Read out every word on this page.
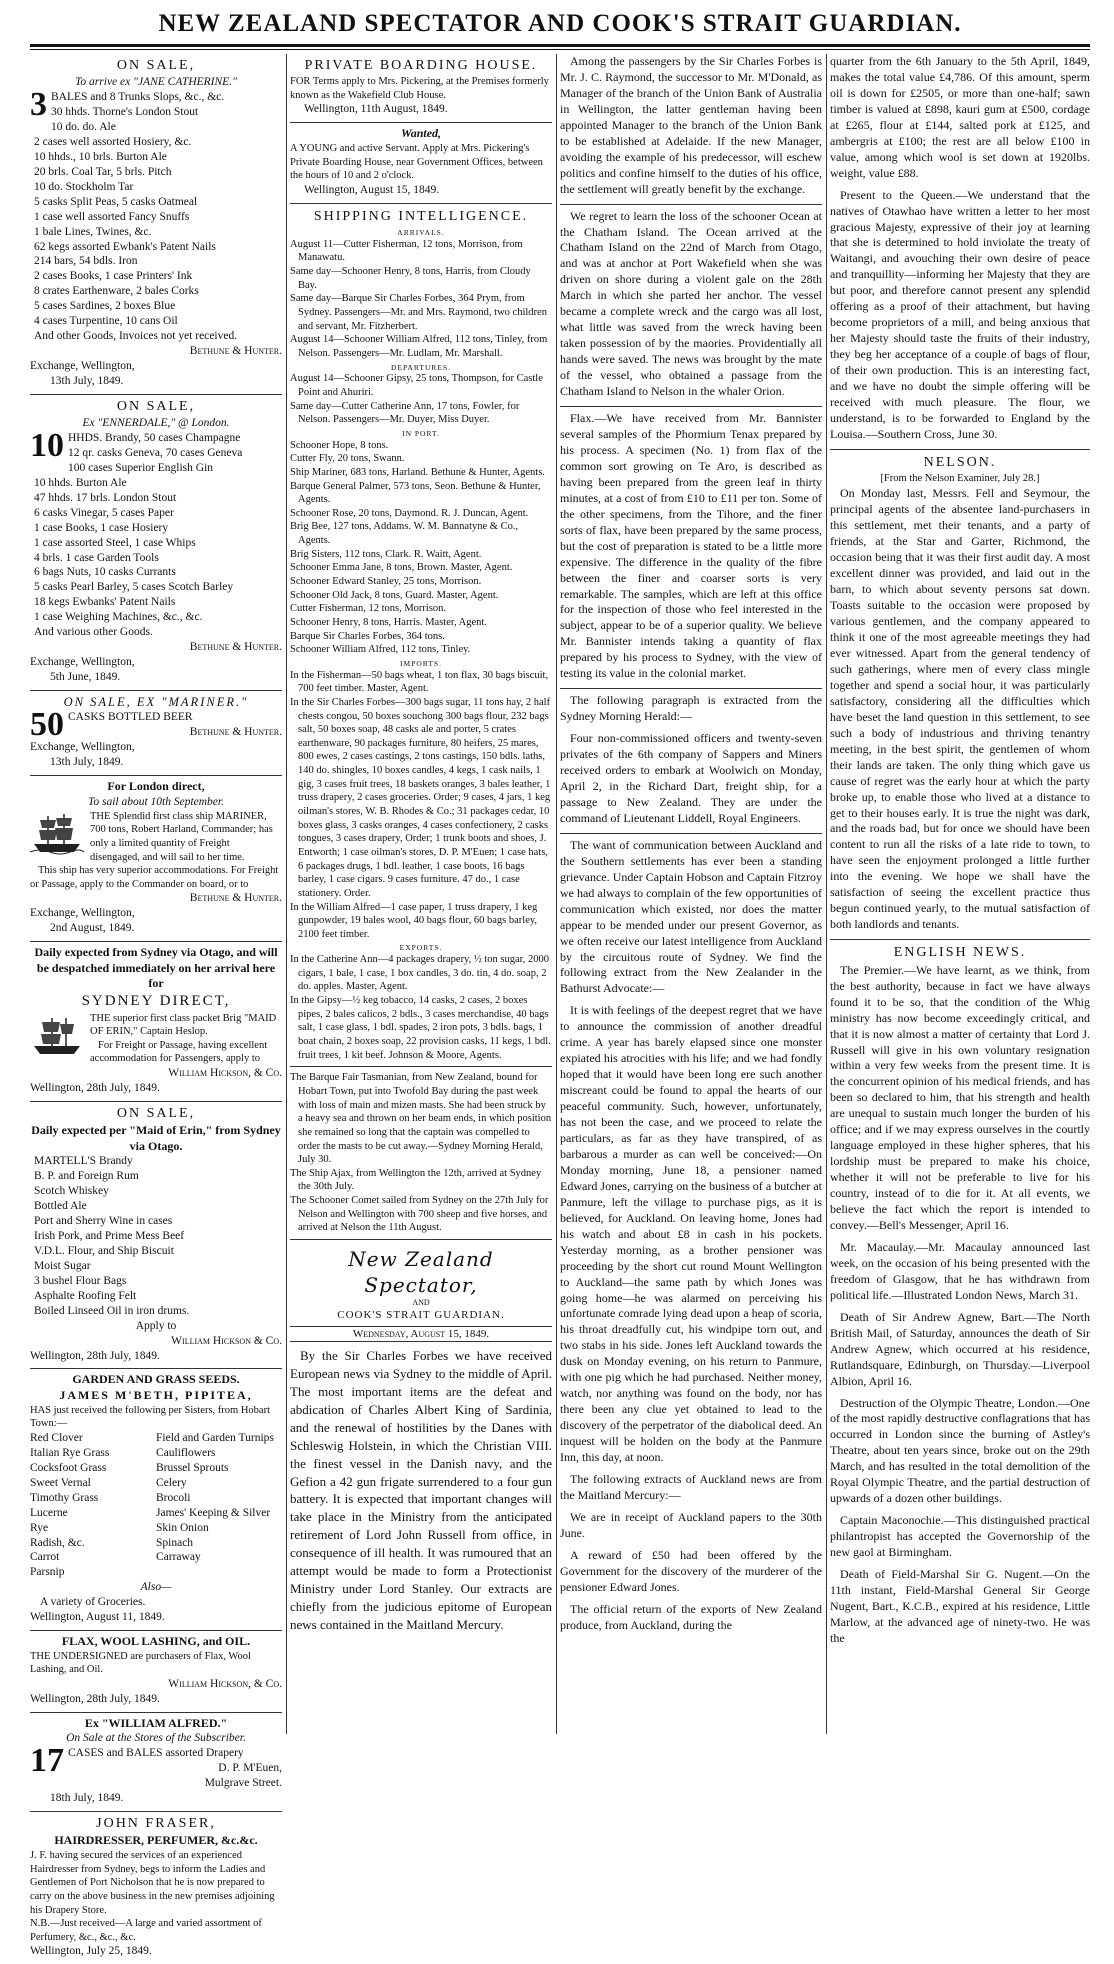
NEW ZEALAND SPECTATOR AND COOK'S STRAIT GUARDIAN.
ON SALE,
To arrive ex "JANE CATHERINE."
3 BALES and 8 Trunks Slops, &c., &c.
30 hhds. Thorne's London Stout
10 do. do. Ale
2 cases well assorted Hosiery, &c.
10 hhds., 10 brls. Burton Ale
20 brls. Coal Tar, 5 brls. Pitch
10 do. Stockholm Tar
5 casks Split Peas, 5 casks Oatmeal
1 case well assorted Fancy Snuffs
1 bale Lines, Twines, &c.
62 kegs assorted Ewbank's Patent Nails
214 bars, 54 bdls. Iron
2 cases Books, 1 case Printers' Ink
8 crates Earthenware, 2 bales Corks
5 cases Sardines, 2 boxes Blue
4 cases Turpentine, 10 cans Oil
And other Goods, Invoices not yet received.
Bethune & Hunter.
Exchange, Wellington,
13th July, 1849.
ON SALE,
Ex "ENNERDALE," @ London.
10 HHDS. Brandy, 50 cases Champagne
12 qr. casks Geneva, 70 cases Geneva
100 cases Superior English Gin
10 hhds. Burton Ale
47 hhds. 17 brls. London Stout
6 casks Vinegar, 5 cases Paper
1 case Books, 1 case Hosiery
1 case assorted Steel, 1 case Whips
4 brls. 1 case Garden Tools
6 bags Nuts, 10 casks Currants
5 casks Pearl Barley, 5 cases Scotch Barley
18 kegs Ewbanks' Patent Nails
1 case Weighing Machines, &c., &c.
And various other Goods.
Bethune & Hunter.
Exchange, Wellington,
5th June, 1849.
ON SALE, EX "MARINER."
50 CASKS BOTTLED BEER
Bethune & Hunter.
Exchange, Wellington,
13th July, 1849.
For London direct,
To sail about 10th September.
THE Splendid first class ship MARINER, 700 tons, Robert Harland, Commander; has only a limited quantity of Freight disengaged, and will sail to her time.
This ship has very superior accommodations. For Freight or Passage, apply to the Commander on board, or to
Bethune & Hunter.
Exchange, Wellington,
2nd August, 1849.
Daily expected from Sydney via Otago, and will be despatched immediately on her arrival here for
SYDNEY DIRECT,
THE superior first class packet Brig "MAID OF ERIN," Captain Heslop.
For Freight or Passage, having excellent accommodation for Passengers, apply to
William Hickson, & Co.
Wellington, 28th July, 1849.
ON SALE,
Daily expected per "Maid of Erin," from Sydney via Otago.
MARTELL'S Brandy
B. P. and Foreign Rum
Scotch Whiskey
Bottled Ale
Port and Sherry Wine in cases
Irish Pork, and Prime Mess Beef
V.D.L. Flour, and Ship Biscuit
Moist Sugar
3 bushel Flour Bags
Asphalte Roofing Felt
Boiled Linseed Oil in iron drums.
Apply to
William Hickson & Co.
Wellington, 28th July, 1849.
GARDEN AND GRASS SEEDS.
JAMES M'BETH, PIPITEA,
HAS just received the following per Sisters, from Hobart Town:—
Red Clover	Field and Garden Turnips
Italian Rye Grass	Cauliflowers
Cocksfoot Grass	Brussel Sprouts
Sweet Vernal	Celery
Timothy Grass	Brocoli
Lucerne	James' Keeping & Silver
Rye	Skin Onion
Radish, &c.	Spinach
Carrot	Carraway
Parsnip
Also—
A variety of Groceries.
Wellington, August 11, 1849.
FLAX, WOOL LASHING, and OIL.
THE UNDERSIGNED are purchasers of Flax, Wool Lashing, and Oil.
William Hickson, & Co.
Wellington, 28th July, 1849.
Ex "WILLIAM ALFRED."
On Sale at the Stores of the Subscriber.
17 CASES and BALES assorted Drapery
D. P. M'Euen,
Mulgrave Street.
18th July, 1849.
JOHN FRASER,
HAIRDRESSER, PERFUMER, &c.&c.
J. F. having secured the services of an experienced Hairdresser from Sydney, begs to inform the Ladies and Gentlemen of Port Nicholson that he is now prepared to carry on the above business in the new premises adjoining his Drapery Store.
N.B.—Just received—A large and varied assortment of Perfumery, &c., &c., &c.
Wellington, July 25, 1849.
PRIVATE BOARDING HOUSE.
FOR Terms apply to Mrs. Pickering, at the Premises formerly known as the Wakefield Club House.
Wellington, 11th August, 1849.
Wanted,
A YOUNG and active Servant. Apply at Mrs. Pickering's Private Boarding House, near Government Offices, between the hours of 10 and 2 o'clock.
Wellington, August 15, 1849.
SHIPPING INTELLIGENCE.
ARRIVALS.
August 11—Cutter Fisherman, 12 tons, Morrison, from Manawatu.
Same day—Schooner Henry, 8 tons, Harris, from Cloudy Bay.
Same day—Barque Sir Charles Forbes, 364 Prym, from Sydney. Passengers—Mr. and Mrs. Raymond, two children and servant, Mr. Fitzherbert.
August 14—Schooner William Alfred, 112 tons, Tinley, from Nelson. Passengers—Mr. Ludlam, Mr. Marshall.
DEPARTURES.
August 14—Schooner Gipsy, 25 tons, Thompson, for Castle Point and Ahuriri.
Same day—Cutter Catherine Ann, 17 tons, Fowler, for Nelson. Passengers—Mr. Duyer, Miss Duyer.
IN PORT.
Schooner Hope, 8 tons.
Cutter Fly, 20 tons, Swann.
Ship Mariner, 683 tons, Harland. Bethune & Hunter, Agents.
Barque General Palmer, 573 tons, Seon. Bethune & Hunter, Agents.
Schooner Rose, 20 tons, Daymond. R. J. Duncan, Agent.
Brig Bee, 127 tons, Addams. W. M. Bannatyne & Co., Agents.
Brig Sisters, 112 tons, Clark. R. Waitt, Agent.
Schooner Emma Jane, 8 tons, Brown. Master, Agent.
Schooner Edward Stanley, 25 tons, Morrison.
Schooner Old Jack, 8 tons, Guard. Master, Agent.
Cutter Fisherman, 12 tons, Morrison.
Schooner Henry, 8 tons, Harris. Master, Agent.
Barque Sir Charles Forbes, 364 tons.
Schooner William Alfred, 112 tons, Tinley.
IMPORTS.
In the Fisherman—50 bags wheat, 1 ton flax, 30 bags biscuit, 700 feet timber. Master, Agent.
In the Sir Charles Forbes—300 bags sugar, 11 tons hay, 2 half chests congou, 50 boxes souchong 300 bags flour, 232 bags salt, 50 boxes soap, 48 casks ale and porter, 5 crates earthenware, 90 packages furniture, 80 heifers, 25 mares, 800 ewes, 2 cases castings, 2 tons castings, 150 bdls. laths, 140 do. shingles, 10 boxes candles, 4 kegs, 1 cask nails, 1 gig, 3 cases fruit trees, 18 baskets oranges, 3 bales leather, 1 truss drapery, 2 cases groceries. Order; 9 cases, 4 jars, 1 keg oilman's stores, W. B. Rhodes & Co.; 31 packages cedar, 10 boxes glass, 3 casks oranges, 4 cases confectionery, 2 casks tongues, 3 cases drapery, Order; 1 trunk boots and shoes, J. Entworth; 1 case oilman's stores, D. P. M'Euen; 1 case hats, 6 packages drugs, 1 bdl. leather, 1 case boots, 16 bags barley, 1 case cigars. 9 cases furniture. 47 do., 1 case stationery. Order.
In the William Alfred—1 case paper, 1 truss drapery, 1 keg gunpowder, 19 bales wool, 40 bags flour, 60 bags barley, 2100 feet timber.
EXPORTS.
In the Catherine Ann—4 packages drapery, ½ ton sugar, 2000 cigars, 1 bale, 1 case, 1 box candles, 3 do. tin, 4 do. soap, 2 do. apples. Master, Agent.
In the Gipsy—½ keg tobacco, 14 casks, 2 cases, 2 boxes pipes, 2 bales calicos, 2 bdls., 3 cases merchandise, 40 bags salt, 1 case glass, 1 bdl. spades, 2 iron pots, 3 bdls. bags, 1 boat chain, 2 boxes soap, 22 provision casks, 11 kegs, 1 bdl. fruit trees, 1 kit beef. Johnson & Moore, Agents.
The Barque Fair Tasmanian, from New Zealand, bound for Hobart Town, put into Twofold Bay during the past week with loss of main and mizen masts. She had been struck by a heavy sea and thrown on her beam ends, in which position she remained so long that the captain was compelled to order the masts to be cut away.—Sydney Morning Herald, July 30.
The Ship Ajax, from Wellington the 12th, arrived at Sydney the 30th July.
The Schooner Comet sailed from Sydney on the 27th July for Nelson and Wellington with 700 sheep and five horses, and arrived at Nelson the 11th August.
New Zealand Spectator,
AND
COOK'S STRAIT GUARDIAN.
Wednesday, August 15, 1849.

By the Sir Charles Forbes we have received European news via Sydney to the middle of April. The most important items are the defeat and abdication of Charles Albert King of Sardinia, and the renewal of hostilities by the Danes with Schleswig Holstein, in which the Christian VIII. the finest vessel in the Danish navy, and the Gefion a 42 gun frigate surrendered to a four gun battery. It is expected that important changes will take place in the Ministry from the anticipated retirement of Lord John Russell from office, in consequence of ill health. It was rumoured that an attempt would be made to form a Protectionist Ministry under Lord Stanley. Our extracts are chiefly from the judicious epitome of European news contained in the Maitland Mercury.

Among the passengers by the Sir Charles Forbes is Mr. J. C. Raymond, the successor to Mr. M'Donald, as Manager of the branch of the Union Bank of Australia in Wellington, the latter gentleman having been appointed Manager to the branch of the Union Bank to be established at Adelaide. If the new Manager, avoiding the example of his predecessor, will eschew politics and confine himself to the duties of his office, the settlement will greatly benefit by the exchange.

We regret to learn the loss of the schooner Ocean at the Chatham Island. The Ocean arrived at the Chatham Island on the 22nd of March from Otago, and was at anchor at Port Wakefield when she was driven on shore during a violent gale on the 28th March in which she parted her anchor. The vessel became a complete wreck and the cargo was all lost, what little was saved from the wreck having been taken possession of by the maories. Providentially all hands were saved. The news was brought by the mate of the vessel, who obtained a passage from the Chatham Island to Nelson in the whaler Orion.

Flax.—We have received from Mr. Bannister several samples of the Phormium Tenax prepared by his process. A specimen (No. 1) from flax of the common sort growing on Te Aro, is described as having been prepared from the green leaf in thirty minutes, at a cost of from £10 to £11 per ton. Some of the other specimens, from the Tihore, and the finer sorts of flax, have been prepared by the same process, but the cost of preparation is stated to be a little more expensive. The difference in the quality of the fibre between the finer and coarser sorts is very remarkable. The samples, which are left at this office for the inspection of those who feel interested in the subject, appear to be of a superior quality. We believe Mr. Bannister intends taking a quantity of flax prepared by his process to Sydney, with the view of testing its value in the colonial market.

The following paragraph is extracted from the Sydney Morning Herald:—

Four non-commissioned officers and twenty-seven privates of the 6th company of Sappers and Miners received orders to embark at Woolwich on Monday, April 2, in the Richard Dart, freight ship, for a passage to New Zealand. They are under the command of Lieutenant Liddell, Royal Engineers.

The want of communication between Auckland and the Southern settlements has ever been a standing grievance. Under Captain Hobson and Captain Fitzroy we had always to complain of the few opportunities of communication which existed, nor does the matter appear to be mended under our present Governor, as we often receive our latest intelligence from Auckland by the circuitous route of Sydney. We find the following extract from the New Zealander in the Bathurst Advocate:—

It is with feelings of the deepest regret that we have to announce the commission of another dreadful crime. A year has barely elapsed since one monster expiated his atrocities with his life; and we had fondly hoped that it would have been long ere such another miscreant could be found to appal the hearts of our peaceful community. Such, however, unfortunately, has not been the case, and we proceed to relate the particulars, as far as they have transpired, of as barbarous a murder as can well be conceived:—On Monday morning, June 18, a pensioner named Edward Jones, carrying on the business of a butcher at Panmure, left the village to purchase pigs, as it is believed, for Auckland. On leaving home, Jones had his watch and about £8 in cash in his pockets. Yesterday morning, as a brother pensioner was proceeding by the short cut round Mount Wellington to Auckland—the same path by which Jones was going home—he was alarmed on perceiving his unfortunate comrade lying dead upon a heap of scoria, his throat dreadfully cut, his windpipe torn out, and two stabs in his side. Jones left Auckland towards the dusk on Monday evening, on his return to Panmure, with one pig which he had purchased. Neither money, watch, nor anything was found on the body, nor has there been any clue yet obtained to lead to the discovery of the perpetrator of the diabolical deed. An inquest will be holden on the body at the Panmure Inn, this day, at noon.

The following extracts of Auckland news are from the Maitland Mercury:—

We are in receipt of Auckland papers to the 30th June.

A reward of £50 had been offered by the Government for the discovery of the murderer of the pensioner Edward Jones.

The official return of the exports of New Zealand produce, from Auckland, during the

quarter from the 6th January to the 5th April, 1849, makes the total value £4,786. Of this amount, sperm oil is down for £2505, or more than one-half; sawn timber is valued at £898, kauri gum at £500, cordage at £265, flour at £144, salted pork at £125, and ambergris at £100; the rest are all below £100 in value, among which wool is set down at 1920lbs. weight, value £88.

Present to the Queen.—We understand that the natives of Otawhao have written a letter to her most gracious Majesty, expressive of their joy at learning that she is determined to hold inviolate the treaty of Waitangi, and avouching their own desire of peace and tranquillity—informing her Majesty that they are but poor, and therefore cannot present any splendid offering as a proof of their attachment, but having become proprietors of a mill, and being anxious that her Majesty should taste the fruits of their industry, they beg her acceptance of a couple of bags of flour, of their own production. This is an interesting fact, and we have no doubt the simple offering will be received with much pleasure. The flour, we understand, is to be forwarded to England by the Louisa.—Southern Cross, June 30.

NELSON.
[From the Nelson Examiner, July 28.]

On Monday last, Messrs. Fell and Seymour, the principal agents of the absentee land-purchasers in this settlement, met their tenants, and a party of friends, at the Star and Garter, Richmond, the occasion being that it was their first audit day. A most excellent dinner was provided, and laid out in the barn, to which about seventy persons sat down. Toasts suitable to the occasion were proposed by various gentlemen, and the company appeared to think it one of the most agreeable meetings they had ever witnessed. Apart from the general tendency of such gatherings, where men of every class mingle together and spend a social hour, it was particularly satisfactory, considering all the difficulties which have beset the land question in this settlement, to see such a body of industrious and thriving tenantry meeting, in the best spirit, the gentlemen of whom their lands are taken. The only thing which gave us cause of regret was the early hour at which the party broke up, to enable those who lived at a distance to get to their houses early. It is true the night was dark, and the roads bad, but for once we should have been content to run all the risks of a late ride to town, to have seen the enjoyment prolonged a little further into the evening. We hope we shall have the satisfaction of seeing the excellent practice thus begun continued yearly, to the mutual satisfaction of both landlords and tenants.

ENGLISH NEWS.

The Premier.—We have learnt, as we think, from the best authority, because in fact we have always found it to be so, that the condition of the Whig ministry has now become exceedingly critical, and that it is now almost a matter of certainty that Lord J. Russell will give in his own voluntary resignation within a very few weeks from the present time. It is the concurrent opinion of his medical friends, and has been so declared to him, that his strength and health are unequal to sustain much longer the burden of his office; and if we may express ourselves in the courtly language employed in these higher spheres, that his lordship must be prepared to make his choice, whether it will not be preferable to live for his country, instead of to die for it. At all events, we believe the fact which the report is intended to convey.—Bell's Messenger, April 16.

Mr. Macaulay.—Mr. Macaulay announced last week, on the occasion of his being presented with the freedom of Glasgow, that he has withdrawn from political life.—Illustrated London News, March 31.

Death of Sir Andrew Agnew, Bart.—The North British Mail, of Saturday, announces the death of Sir Andrew Agnew, which occurred at his residence, Rutlandsquare, Edinburgh, on Thursday.—Liverpool Albion, April 16.

Destruction of the Olympic Theatre, London.—One of the most rapidly destructive conflagrations that has occurred in London since the burning of Astley's Theatre, about ten years since, broke out on the 29th March, and has resulted in the total demolition of the Royal Olympic Theatre, and the partial destruction of upwards of a dozen other buildings.

Captain Maconochie.—This distinguished practical philantropist has accepted the Governorship of the new gaol at Birmingham.

Death of Field-Marshal Sir G. Nugent.—On the 11th instant, Field-Marshal General Sir George Nugent, Bart., K.C.B., expired at his residence, Little Marlow, at the advanced age of ninety-two. He was the
